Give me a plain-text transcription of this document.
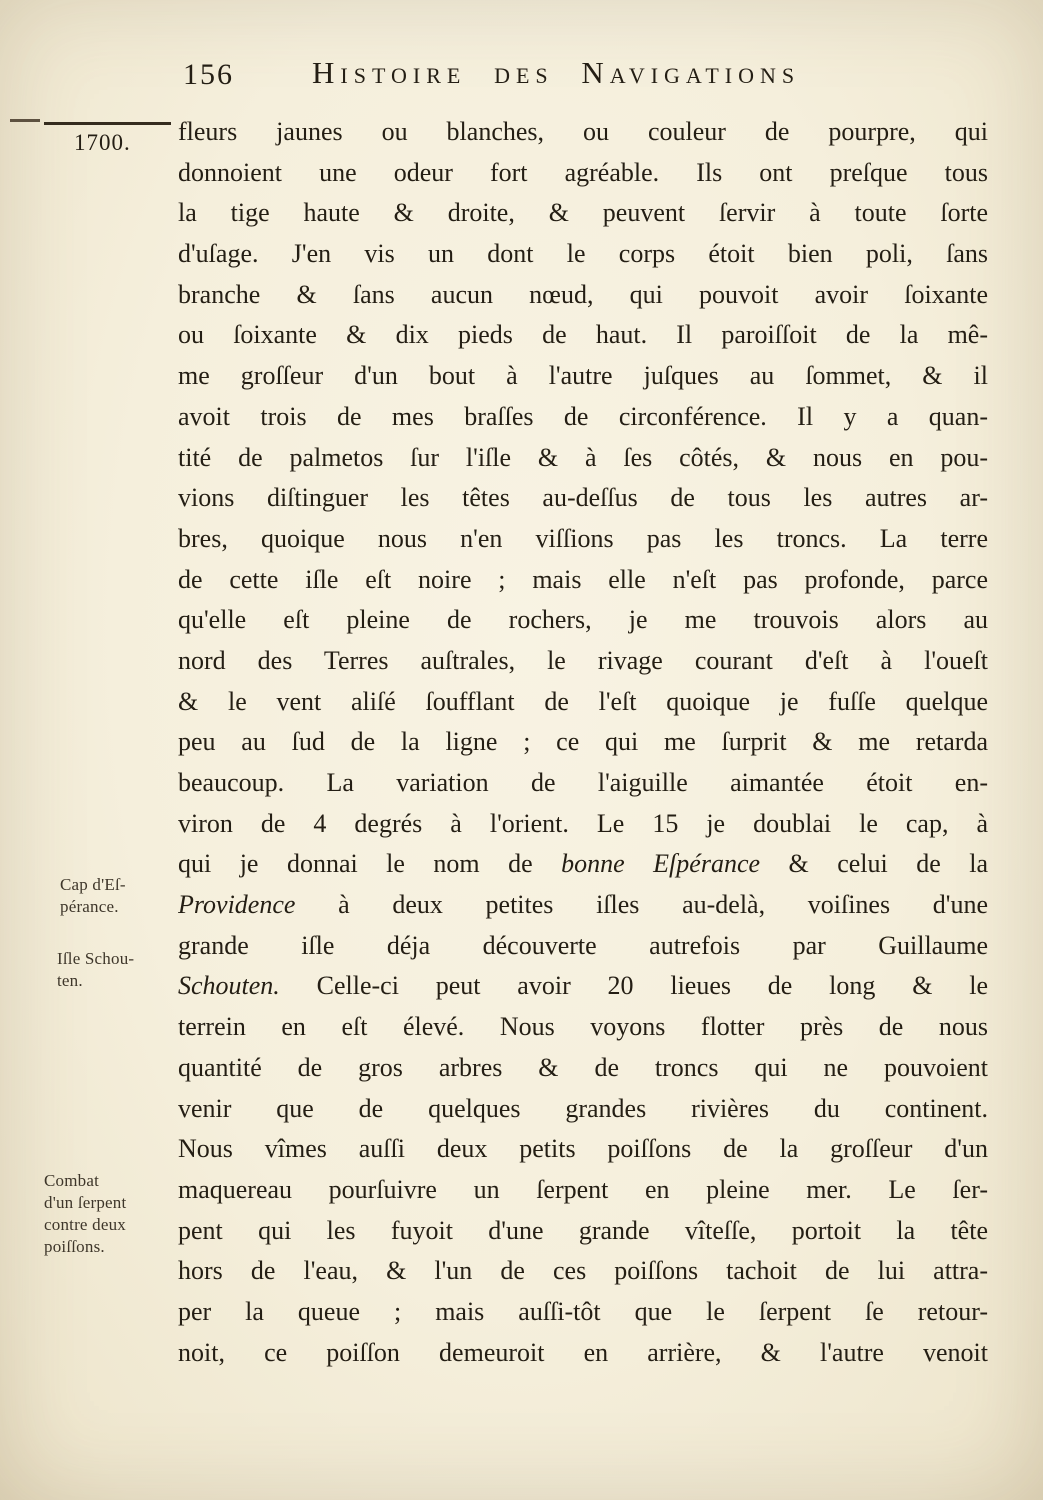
156	Histoire des Navigations
1700.
Cap d'Eſ-
pérance.
Iſle Schou-
ten.
Combat
d'un ſerpent
contre deux
poiſſons.
fleurs jaunes ou blanches, ou couleur de pourpre, qui
donnoient une odeur fort agréable. Ils ont preſque tous
la tige haute & droite, & peuvent ſervir à toute ſorte
d'uſage. J'en vis un dont le corps étoit bien poli, ſans
branche & ſans aucun nœud, qui pouvoit avoir ſoixante
ou ſoixante & dix pieds de haut. Il paroiſſoit de la mê-
me groſſeur d'un bout à l'autre juſques au ſommet, & il
avoit trois de mes braſſes de circonférence. Il y a quan-
tité de palmetos ſur l'iſle & à ſes côtés, & nous en pou-
vions diſtinguer les têtes au-deſſus de tous les autres ar-
bres, quoique nous n'en viſſions pas les troncs. La terre
de cette iſle eſt noire ; mais elle n'eſt pas profonde, parce
qu'elle eſt pleine de rochers, je me trouvois alors au
nord des Terres auſtrales, le rivage courant d'eſt à l'oueſt
& le vent aliſé ſoufflant de l'eſt quoique je fuſſe quelque
peu au ſud de la ligne ; ce qui me ſurprit & me retarda
beaucoup. La variation de l'aiguille aimantée étoit en-
viron de 4 degrés à l'orient. Le 15 je doublai le cap, à
qui je donnai le nom de bonne Eſpérance & celui de la
Providence à deux petites iſles au-delà, voiſines d'une
grande iſle déja découverte autrefois par Guillaume
Schouten. Celle-ci peut avoir 20 lieues de long & le
terrein en eſt élevé. Nous voyons flotter près de nous
quantité de gros arbres & de troncs qui ne pouvoient
venir que de quelques grandes rivières du continent.
Nous vîmes auſſi deux petits poiſſons de la groſſeur d'un
maquereau pourſuivre un ſerpent en pleine mer. Le ſer-
pent qui les fuyoit d'une grande vîteſſe, portoit la tête
hors de l'eau, & l'un de ces poiſſons tachoit de lui attra-
per la queue ; mais auſſi-tôt que le ſerpent ſe retour-
noit, ce poiſſon demeuroit en arrière, & l'autre venoit
